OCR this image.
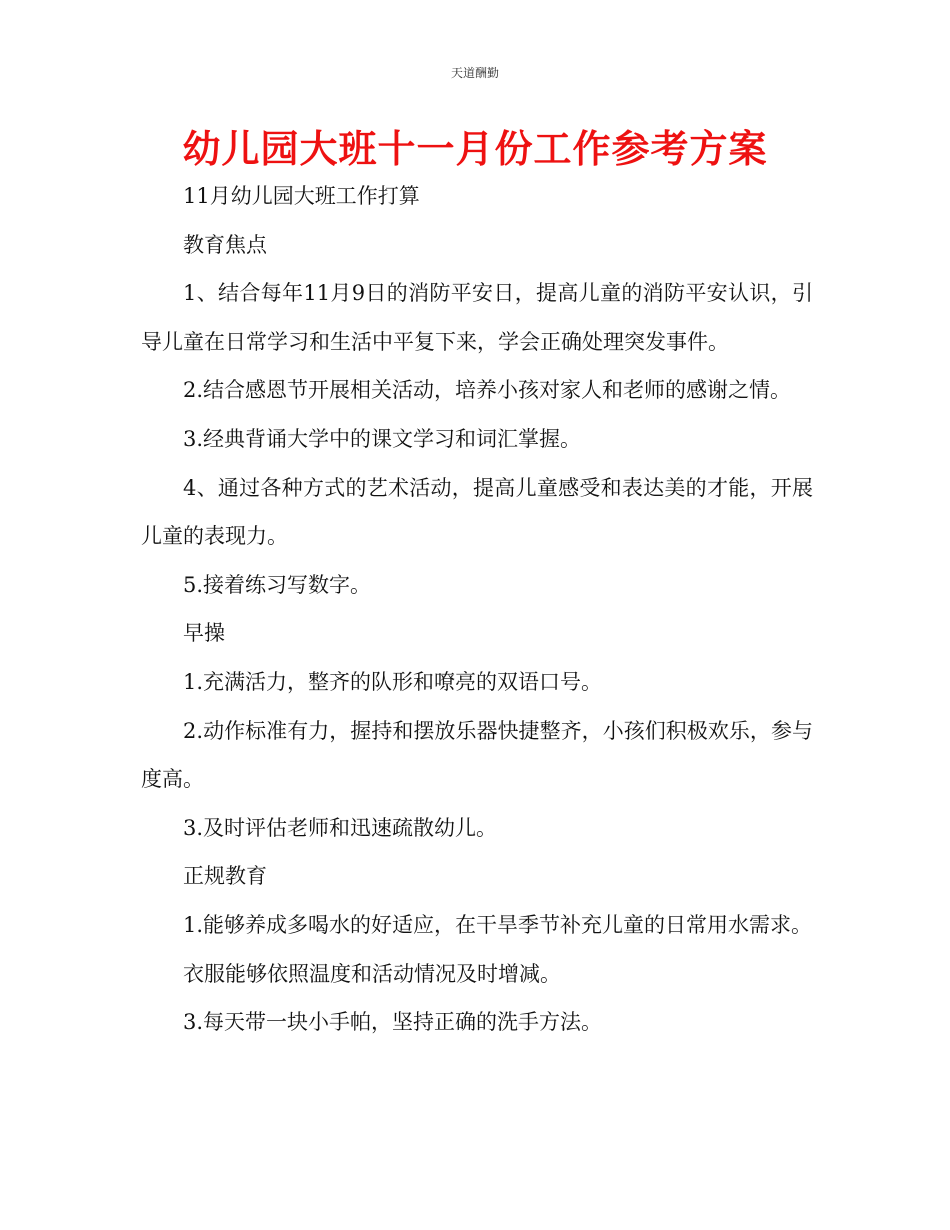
天道酬勤
幼儿园大班十一月份工作参考方案

11月幼儿园大班工作打算

教育焦点

1、结合每年11月9日的消防平安日，提高儿童的消防平安认识，引导儿童在日常学习和生活中平复下来，学会正确处理突发事件。

2.结合感恩节开展相关活动，培养小孩对家人和老师的感谢之情。

3.经典背诵大学中的课文学习和词汇掌握。

4、通过各种方式的艺术活动，提高儿童感受和表达美的才能，开展儿童的表现力。

5.接着练习写数字。

早操

1.充满活力，整齐的队形和嘹亮的双语口号。

2.动作标准有力，握持和摆放乐器快捷整齐，小孩们积极欢乐，参与度高。

3.及时评估老师和迅速疏散幼儿。

正规教育

1.能够养成多喝水的好适应，在干旱季节补充儿童的日常用水需求。

衣服能够依照温度和活动情况及时增减。

3.每天带一块小手帕，坚持正确的洗手方法。
